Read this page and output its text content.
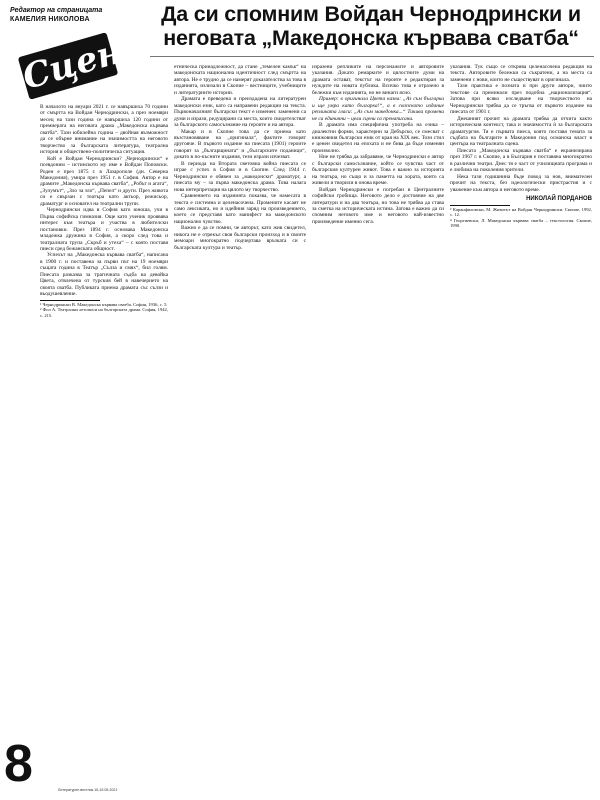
Редактор на страницата
КАМЕЛИЯ НИКОЛОВА
Сцена
Да си спомним Войдан Чернодрински и неговата „Македонска кървава сватба“

В началото на януари 2021 г. се навършиха 70 години от смъртта на Войдан Чернодрински, а през ноември месец на тази година се навършиха 120 години от премиерата на неговата драма „Македонска кървава сватба“. Тази юбилейна година – двойная възможност да се обърне внимание на значимостта на неговото творчество за българската литература, театрална история и обществено-политическа ситуация.

Кой е Войдан Чернодрински? „Чернодрински“ е псевдоним – истинското му име е Войдан Поповски. Роден е през 1875 г. в Лазарополе (дн. Северна Македония), умира през 1951 г. в София. Автор е на драмите „Македонска кървава сватба“, „Робът и агата“, „Зулумът“, „Зло за зло“, „Пепел“ и други. През живота си е свързан с театъра като актьор, режисьор, драматург и основател на театрални трупи.

Чернодрински идва в София като юноша, учи в Първа софийска гимназия. Още като ученик проявява интерес към театъра и участва в любителски постановки. През 1894 г. основава Македонска младежка дружина в София, а скоро след това и театралната трупа „Скръб и утеха“ – с която поставя пиеси сред бежанската общност.

Успехът на „Македонска кървава сватба“, написана в 1900 г. и поставена за първи път на 19 ноември същата година в Театър „Сълза и смях“, бил голям. Пиесата разказва за трагичната съдба на девойка Цвета, отвлечена от турския бей в навечерието на своята сватба. Публиката приема драмата със сълзи и въодушевление.

¹ Чернодрински В. Македонска кървава сватба. София, 1936, с. 5.
² Фол А. Театрални летописи на българската драма. София, 1942, с. 215.

етническа принадлежност, да стане „темелен камък“ на македонската национална идентичност след смъртта на автора. Не е трудно да се намерят доказателства за това в изданията, излизали в Скопие – вестниците, учебниците и литературните истории.

Драмата е преведена и преиздадена на литературен македонски език, като са направени редакции на текста. Първоначалният български текст е изменен: заменени са думи и изрази, редуцирани са места, които свидетелстват за българското самосъзнание на героите и на автора.

Макар и в Скопие това да се приема като възстановяване на „оригинала“, фактите говорят другояче. В първото издание на пиесата (1901) героите говорят за „българщината“ и „българските поданици“, докато в по-късните издания, тези изрази изчезват.

В периода на Втората световна война пиесата се играе с успех в София и в Скопие. След 1944 г. Чернодрински е обявен за „македонски“ драматург, а пиесата му – за първа македонска драма. Това налага нова интерпретация на цялото му творчество.

Сравнението на изданията показва, че намесата в текста е системна и целенасочена. Промените касаят не само лексиката, но и идейния заряд на произведението, което се представя като манифест на македонското национално чувство.

Важно е да се помни, че авторът, като жив свидетел, никога не е отрекъл своя български произход и в своите мемоари многократно подчертава връзката си с българската култура и театър.

изразени репликите на персонажите и авторовите указания. Докато ремарките и цялостните думи на драмата остават, текстът на героите е редактиран за нуждите на новата публика. Всичко това е отразено в бележки към изданията, но не винаги ясно.

Пример: в оригинала Цвета казва: „Аз съм българка и ще умра като българка!“, а в скопското издание репликата гласи: „Аз съм македонка...“ Такива промени не са единични – цели сцени са пренаписани.

В драмата има специфична употреба на езика – диалектни форми, характерни за Дебърско, се смесват с книжовния български език от края на XIX век. Този стил е ценен свидетел на епохата и не бива да бъде изменян произволно.

Ние не трябва да забравяме, че Чернодрински е автор с български самосъзнание, който се чувства част от българския културен живот. Това е важно за историята на театъра, но също и за паметта на хората, които са живели и творили в онова време.

Войдан Чернодрински е погребан в Централните софийски гробища. Неговото дело е достояние на две литератури и на два театъра, но това не трябва да става за сметка на историческата истина. Затова е важно да си спомним неговото име и неговото най-известно произведение именно сега.

указания. Тук също се открива целенасочена редакция на текста. Авторовите бележки са съкратени, а на места са заменени с нови, които не съществуват в оригинала.

Тази практика е позната и при други автори, чиито текстове са преминали през подобна „национализация“. Затова при всяко изследване на творчеството на Чернодрински трябва да се тръгва от първото издание на пиесата от 1901 г.

Днешният прочит на драмата трябва да отчита както историческия контекст, така и значимостта ѝ за българската драматургия. Тя е първата пиеса, която поставя темата за съдбата на българите в Македония под османска власт в центъра на театралната сцена.

Пиесата „Македонска кървава сватба“ е екранизирана през 1967 г. в Скопие, а в България е поставяна многократно в различни театри. Днес тя е част от училищната програма и е любима на поколения зрители.

Нека тази годишнина бъде повод за нов, внимателен прочит на текста, без идеологически пристрастия и с уважение към автора и неговото време.

НИКОЛАЙ ПОРДАНОВ
³ Каранфиловски, М. Животът на Войдан Чернодрински. Скопие, 1992, с. 12.
⁴ Георгиевски, Л. Македонска кървава сватба – текстология. Скопие, 1990.
8	Литературен вестник 15-19.05.2021
